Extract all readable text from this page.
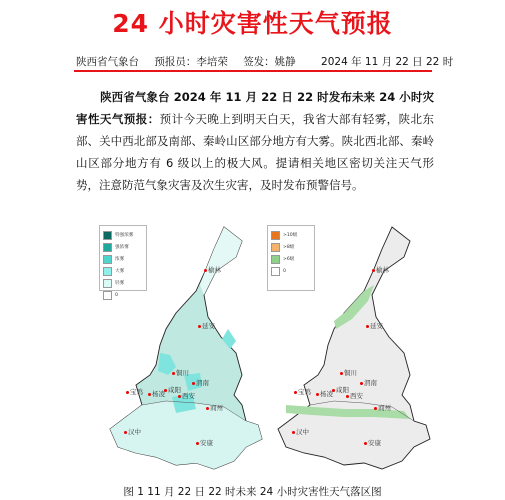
24 小时灾害性天气预报
陕西省气象台 预报员：李培荣 签发：姚静 2024 年 11 月 22 日 22 时
陕西省气象台 2024 年 11 月 22 日 22 时发布未来 24 小时灾害性天气预报：预计今天晚上到明天白天，我省大部有轻雾，陕北东部、关中西北部及南部、秦岭山区部分地方有大雾。陕北西北部、秦岭山区部分地方有 6 级以上的极大风。提请相关地区密切关注天气形势，注意防范气象灾害及次生灾害，及时发布预警信号。
特强浓雾
强浓雾
浓雾
大雾
轻雾
0
榆林
延安
铜川
宝鸡	杨凌 咸阳
西安
渭南
商州
汉中
安康
>10级
>8级
>6级
0	榆林
延安
铜川
宝鸡	杨凌 咸阳
西安
渭南
商州
汉中
安康
图 1 11 月 22 日 22 时未来 24 小时灾害性天气落区图
